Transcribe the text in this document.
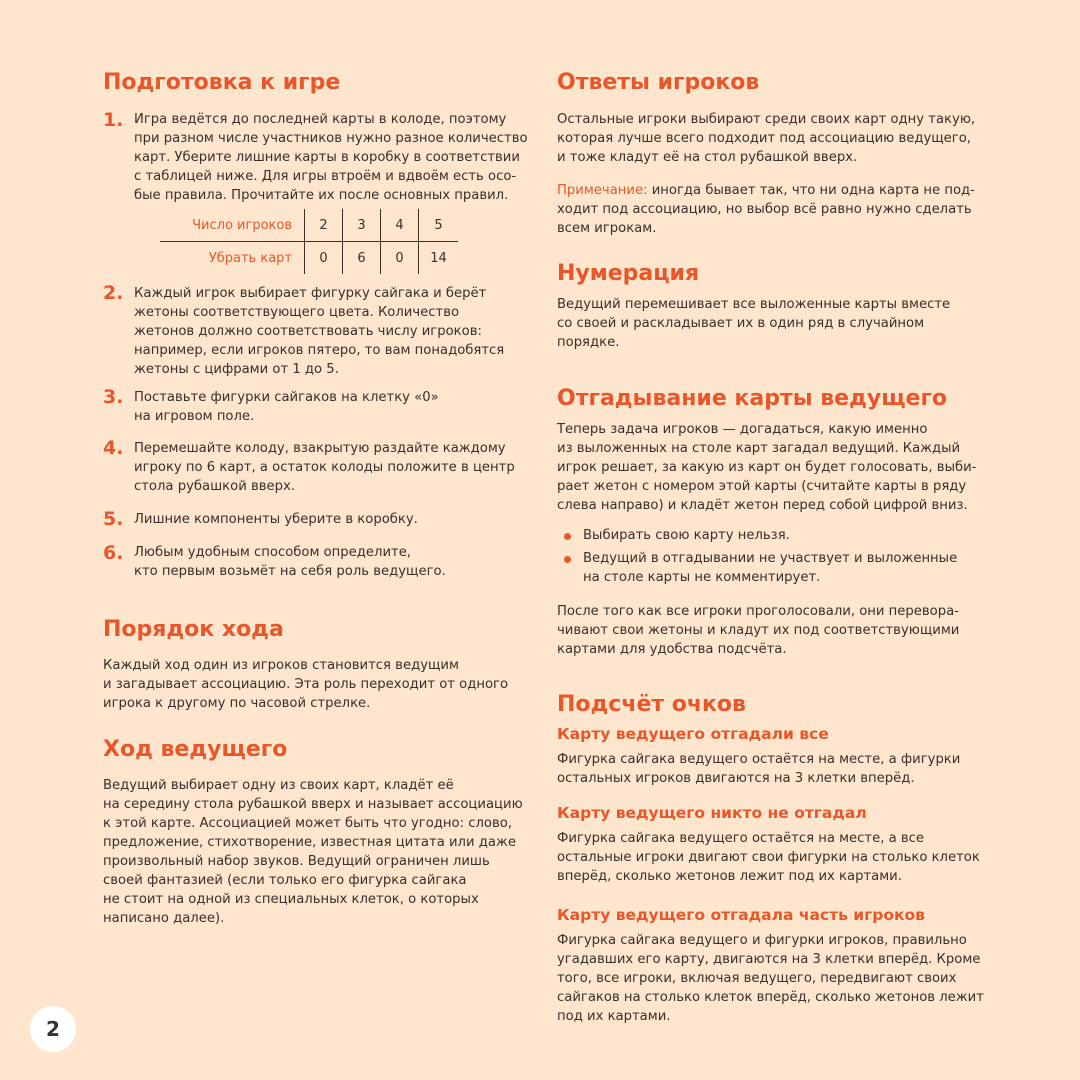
Подготовка к игре
1. Игра ведётся до последней карты в колоде, поэтому
при разном числе участников нужно разное количество
карт. Уберите лишние карты в коробку в соответствии
с таблицей ниже. Для игры втроём и вдвоём есть осо-
бые правила. Прочитайте их после основных правил.

Число игроков	2	3	4	5
Убрать карт	0	6	0	14
2. Каждый игрок выбирает фигурку сайгака и берёт
жетоны соответствующего цвета. Количество
жетонов должно соответствовать числу игроков:
например, если игроков пятеро, то вам понадобятся
жетоны с цифрами от 1 до 5.

3. Поставьте фигурки сайгаков на клетку «0»
на игровом поле.

4. Перемешайте колоду, взакрытую раздайте каждому
игроку по 6 карт, а остаток колоды положите в центр
стола рубашкой вверх.

5. Лишние компоненты уберите в коробку.

6. Любым удобным способом определите,
кто первым возьмёт на себя роль ведущего.

Порядок хода

Каждый ход один из игроков становится ведущим
и загадывает ассоциацию. Эта роль переходит от одного
игрока к другому по часовой стрелке.

Ход ведущего

Ведущий выбирает одну из своих карт, кладёт её
на середину стола рубашкой вверх и называет ассоциацию
к этой карте. Ассоциацией может быть что угодно: слово,
предложение, стихотворение, известная цитата или даже
произвольный набор звуков. Ведущий ограничен лишь
своей фантазией (если только его фигурка сайгака
не стоит на одной из специальных клеток, о которых
написано далее).

Ответы игроков

Остальные игроки выбирают среди своих карт одну такую,
которая лучше всего подходит под ассоциацию ведущего,
и тоже кладут её на стол рубашкой вверх.

Примечание: иногда бывает так, что ни одна карта не под-
ходит под ассоциацию, но выбор всё равно нужно сделать
всем игрокам.

Нумерация

Ведущий перемешивает все выложенные карты вместе
со своей и раскладывает их в один ряд в случайном
порядке.

Отгадывание карты ведущего

Теперь задача игроков — догадаться, какую именно
из выложенных на столе карт загадал ведущий. Каждый
игрок решает, за какую из карт он будет голосовать, выби-
рает жетон с номером этой карты (считайте карты в ряду
слева направо) и кладёт жетон перед собой цифрой вниз.

Выбирать свою карту нельзя.

Ведущий в отгадывании не участвует и выложенные
на столе карты не комментирует.

После того как все игроки проголосовали, они перевора-
чивают свои жетоны и кладут их под соответствующими
картами для удобства подсчёта.

Подсчёт очков
Карту ведущего отгадали все

Фигурка сайгака ведущего остаётся на месте, а фигурки
остальных игроков двигаются на 3 клетки вперёд.

Карту ведущего никто не отгадал

Фигурка сайгака ведущего остаётся на месте, а все
остальные игроки двигают свои фигурки на столько клеток
вперёд, сколько жетонов лежит под их картами.

Карту ведущего отгадала часть игроков

Фигурка сайгака ведущего и фигурки игроков, правильно
угадавших его карту, двигаются на 3 клетки вперёд. Кроме
того, все игроки, включая ведущего, передвигают своих
сайгаков на столько клеток вперёд, сколько жетонов лежит
под их картами.

2
